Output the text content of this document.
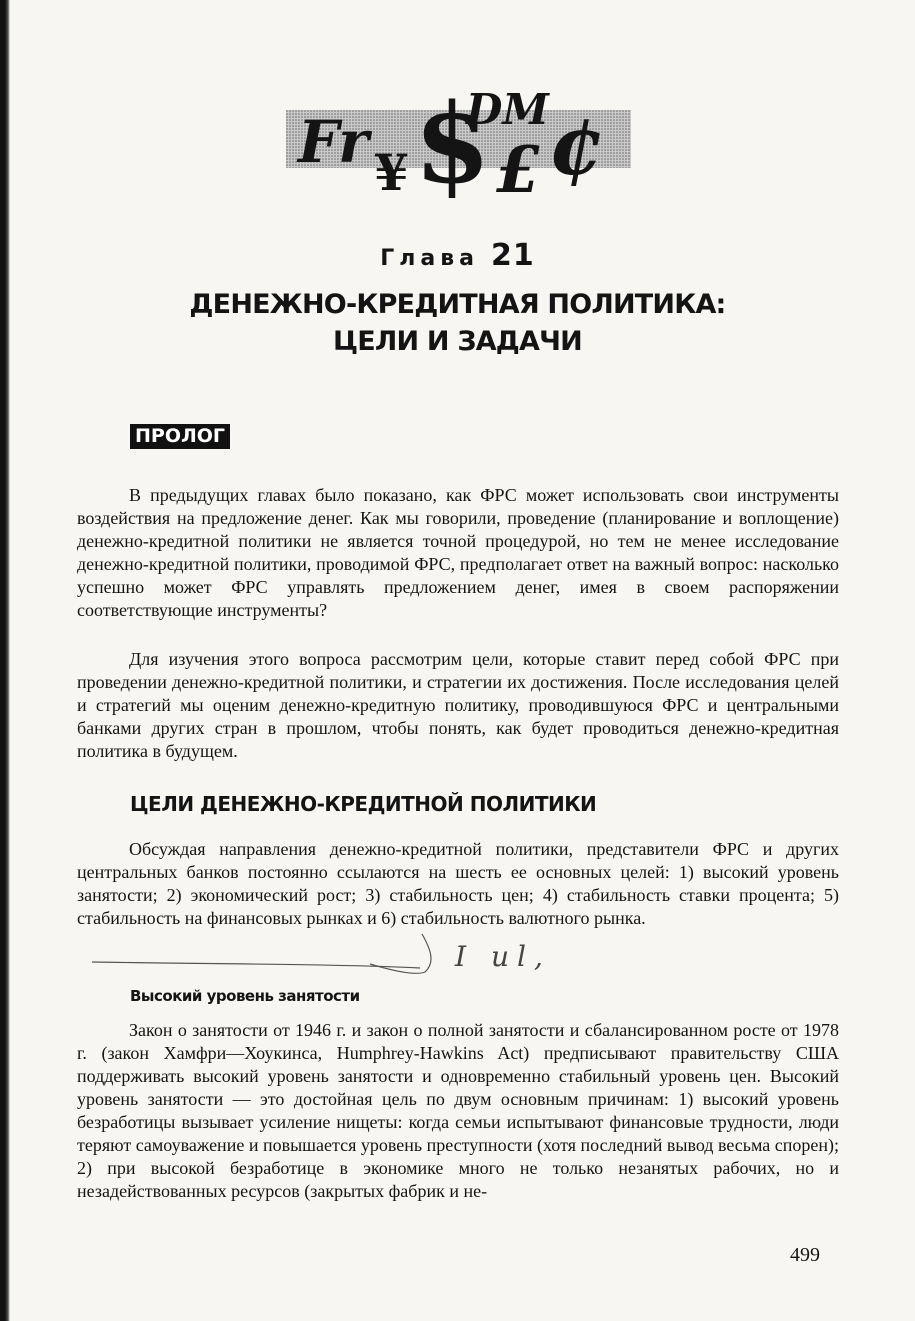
Fr ¥ $
DM
£ ¢
Глава 21
ДЕНЕЖНО-КРЕДИТНАЯ ПОЛИТИКА:
ЦЕЛИ И ЗАДАЧИ
ПРОЛОГ

В предыдущих главах было показано, как ФРС может использовать свои инструменты воздействия на предложение денег. Как мы говорили, проведение (планирование и воплощение) денежно-кредитной политики не является точной процедурой, но тем не менее исследование денежно-кредитной политики, проводимой ФРС, предполагает ответ на важный вопрос: насколько успешно может ФРС управлять предложением денег, имея в своем распоряжении соответствующие инструменты?

Для изучения этого вопроса рассмотрим цели, которые ставит перед собой ФРС при проведении денежно-кредитной политики, и стратегии их достижения. После исследования целей и стратегий мы оценим денежно-кредитную политику, проводившуюся ФРС и центральными банками других стран в прошлом, чтобы понять, как будет проводиться денежно-кредитная политика в будущем.

ЦЕЛИ ДЕНЕЖНО-КРЕДИТНОЙ ПОЛИТИКИ

Обсуждая направления денежно-кредитной политики, представители ФРС и других центральных банков постоянно ссылаются на шесть ее основных целей: 1) высокий уровень занятости; 2) экономический рост; 3) стабильность цен; 4) стабильность ставки процента; 5) стабильность на финансовых рынках и 6) стабильность валютного рынка.

I ul,
Высокий уровень занятости

Закон о занятости от 1946 г. и закон о полной занятости и сбалансированном росте от 1978 г. (закон Хамфри—Хоукинса, Humphrey-Hawkins Act) предписывают правительству США поддерживать высокий уровень занятости и одновременно стабильный уровень цен. Высокий уровень занятости — это достойная цель по двум основным причинам: 1) высокий уровень безработицы вызывает усиление нищеты: когда семьи испытывают финансовые трудности, люди теряют самоуважение и повышается уровень преступности (хотя последний вывод весьма спорен); 2) при высокой безработице в экономике много не только незанятых рабочих, но и незадействованных ресурсов (закрытых фабрик и не-

499
